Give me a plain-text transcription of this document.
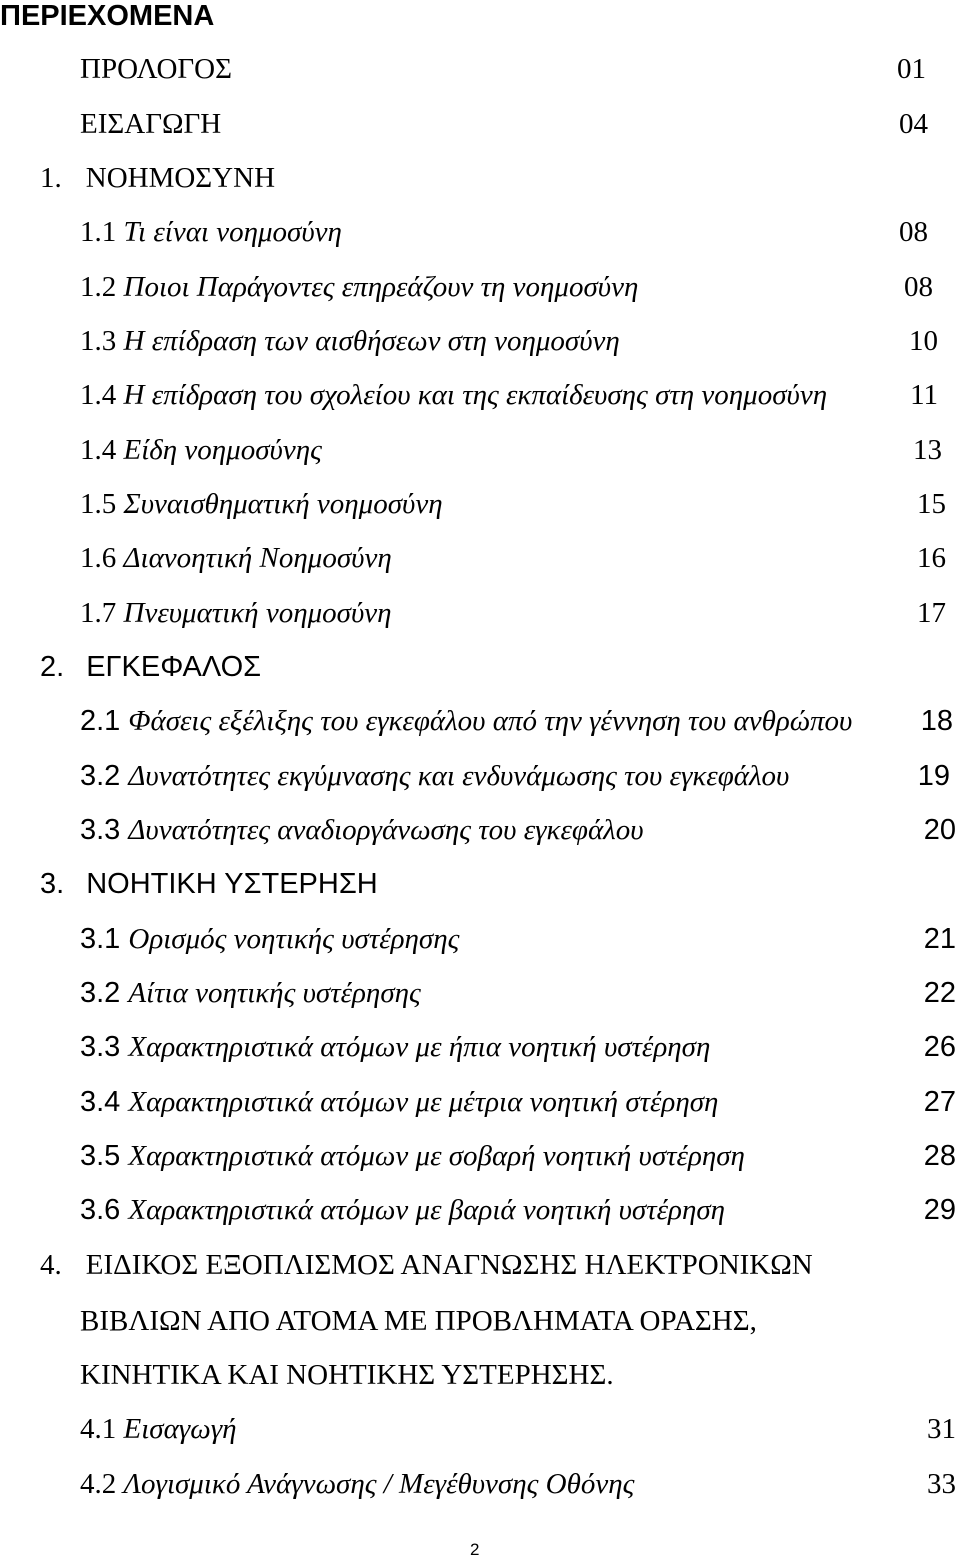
ΠΕΡΙΕΧΟΜΕΝΑ
ΠΡΟΛΟΓΟΣ	01
ΕΙΣΑΓΩΓΗ	04
1. ΝΟΗΜΟΣΥΝΗ
1.1 Τι είναι νοημοσύνη	08
1.2 Ποιοι Παράγοντες επηρεάζουν τη νοημοσύνη	08
1.3 Η επίδραση των αισθήσεων στη νοημοσύνη	10
1.4 Η επίδραση του σχολείου και της εκπαίδευσης στη νοημοσύνη	11
1.4 Είδη νοημοσύνης	13
1.5 Συναισθηματική νοημοσύνη	15
1.6 Διανοητική Νοημοσύνη	16
1.7 Πνευματική νοημοσύνη	17
2. ΕΓΚΕΦΑΛΟΣ
2.1 Φάσεις εξέλιξης του εγκεφάλου από την γέννηση του ανθρώπου	18
3.2 Δυνατότητες εκγύμνασης και ενδυνάμωσης του εγκεφάλου	19
3.3 Δυνατότητες αναδιοργάνωσης του εγκεφάλου	20
3. ΝΟΗΤΙΚΗ ΥΣΤΕΡΗΣΗ
3.1 Ορισμός νοητικής υστέρησης	21
3.2 Αίτια νοητικής υστέρησης	22
3.3 Χαρακτηριστικά ατόμων με ήπια νοητική υστέρηση	26
3.4 Χαρακτηριστικά ατόμων με μέτρια νοητική στέρηση	27
3.5 Χαρακτηριστικά ατόμων με σοβαρή νοητική υστέρηση	28
3.6 Χαρακτηριστικά ατόμων με βαριά νοητική υστέρηση	29
4. ΕΙΔΙΚΟΣ ΕΞΟΠΛΙΣΜΟΣ ΑΝΑΓΝΩΣΗΣ ΗΛΕΚΤΡΟΝΙΚΩΝ
ΒΙΒΛΙΩΝ ΑΠΟ ΑΤΟΜΑ ΜΕ ΠΡΟΒΛΗΜΑΤΑ ΟΡΑΣΗΣ,
ΚΙΝΗΤΙΚΑ ΚΑΙ ΝΟΗΤΙΚΗΣ ΥΣΤΕΡΗΣΗΣ.
4.1 Εισαγωγή	31
4.2 Λογισμικό Ανάγνωσης / Μεγέθυνσης Οθόνης	33
2
